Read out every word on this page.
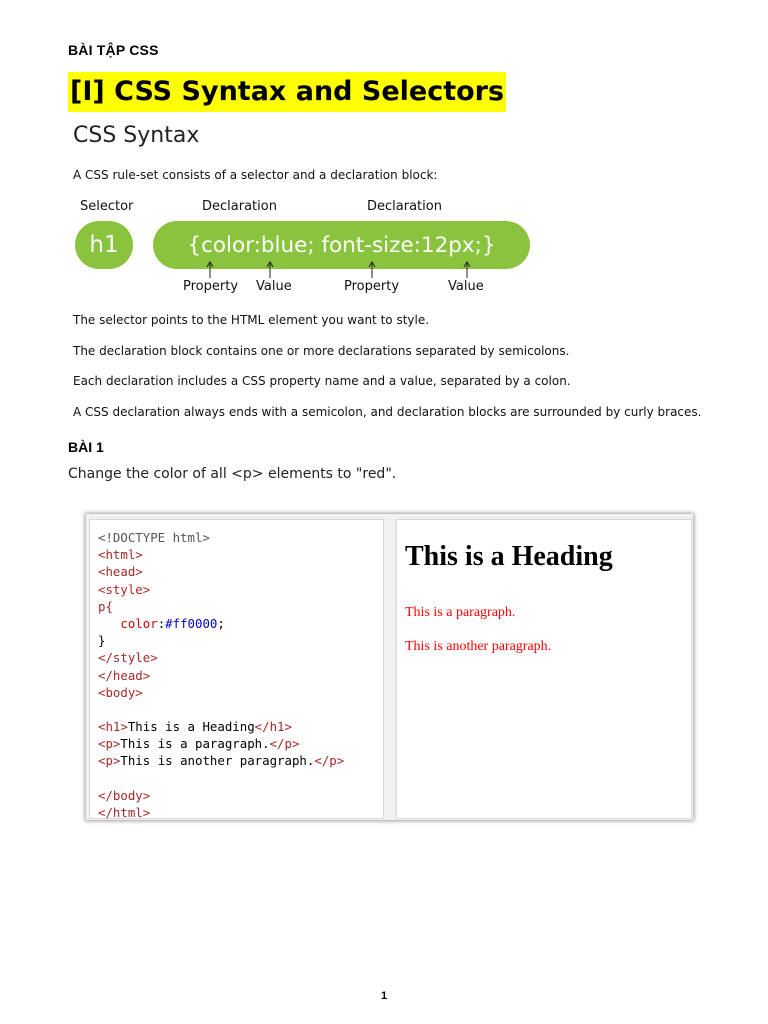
BÀI TẬP CSS
[I] CSS Syntax and Selectors
CSS Syntax
A CSS rule-set consists of a selector and a declaration block:
Selector	Declaration	Declaration
h1	{color:blue; font-size:12px;}
Property Value	Property	Value
The selector points to the HTML element you want to style.
The declaration block contains one or more declarations separated by semicolons.
Each declaration includes a CSS property name and a value, separated by a colon.
A CSS declaration always ends with a semicolon, and declaration blocks are surrounded by curly braces.
BÀI 1
Change the color of all <p> elements to "red".
<!DOCTYPE html>
<html>
<head>
<style>
p{
color:#ff0000;
}
</style>
</head>
<body>
<h1>This is a Heading</h1>
<p>This is a paragraph.</p>
<p>This is another paragraph.</p>
</body>
</html>
This is a Heading
This is a paragraph.
This is another paragraph.
1
